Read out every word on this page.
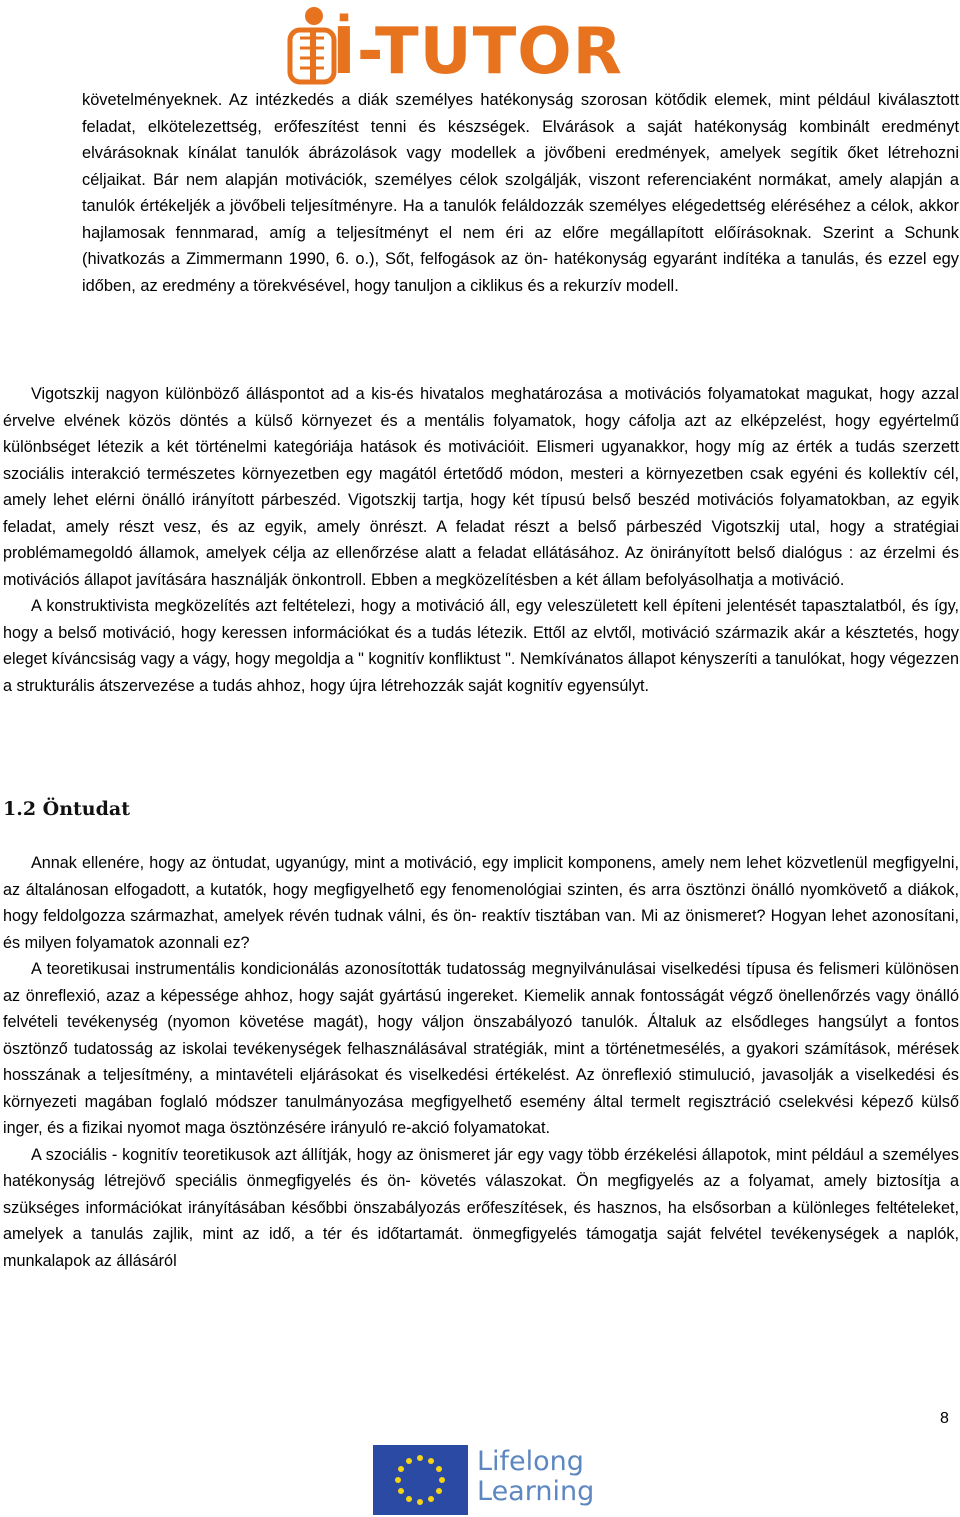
İ-TUTOR

követelményeknek. Az intézkedés a diák személyes hatékonyság szorosan kötődik elemek, mint például kiválasztott feladat, elkötelezettség, erőfeszítést tenni és készségek. Elvárások a saját hatékonyság kombinált eredményt elvárásoknak kínálat tanulók ábrázolások vagy modellek a jövőbeni eredmények, amelyek segítik őket létrehozni céljaikat. Bár nem alapján motivációk, személyes célok szolgálják, viszont referenciaként normákat, amely alapján a tanulók értékeljék a jövőbeli teljesítményre. Ha a tanulók feláldozzák személyes elégedettség eléréséhez a célok, akkor hajlamosak fennmarad, amíg a teljesítményt el nem éri az előre megállapított előírásoknak. Szerint a Schunk (hivatkozás a Zimmermann 1990, 6. o.), Sőt, felfogások az ön- hatékonyság egyaránt indítéka a tanulás, és ezzel egy időben, az eredmény a törekvésével, hogy tanuljon a ciklikus és a rekurzív modell.

Vigotszkij nagyon különböző álláspontot ad a kis-és hivatalos meghatározása a motivációs folyamatokat magukat, hogy azzal érvelve elvének közös döntés a külső környezet és a mentális folyamatok, hogy cáfolja azt az elképzelést, hogy egyértelmű különbséget létezik a két történelmi kategóriája hatások és motivációit. Elismeri ugyanakkor, hogy míg az érték a tudás szerzett szociális interakció természetes környezetben egy magától értetődő módon, mesteri a környezetben csak egyéni és kollektív cél, amely lehet elérni önálló irányított párbeszéd. Vigotszkij tartja, hogy két típusú belső beszéd motivációs folyamatokban, az egyik feladat, amely részt vesz, és az egyik, amely önrészt. A feladat részt a belső párbeszéd Vigotszkij utal, hogy a stratégiai problémamegoldó államok, amelyek célja az ellenőrzése alatt a feladat ellátásához. Az önirányított belső dialógus : az érzelmi és motivációs állapot javítására használják önkontroll. Ebben a megközelítésben a két állam befolyásolhatja a motiváció.

A konstruktivista megközelítés azt feltételezi, hogy a motiváció áll, egy veleszületett kell építeni jelentését tapasztalatból, és így, hogy a belső motiváció, hogy keressen információkat és a tudás létezik. Ettől az elvtől, motiváció származik akár a késztetés, hogy eleget kíváncsiság vagy a vágy, hogy megoldja a " kognitív konfliktust ". Nemkívánatos állapot kényszeríti a tanulókat, hogy végezzen a strukturális átszervezése a tudás ahhoz, hogy újra létrehozzák saját kognitív egyensúlyt.

1.2 Öntudat

Annak ellenére, hogy az öntudat, ugyanúgy, mint a motiváció, egy implicit komponens, amely nem lehet közvetlenül megfigyelni, az általánosan elfogadott, a kutatók, hogy megfigyelhető egy fenomenológiai szinten, és arra ösztönzi önálló nyomkövető a diákok, hogy feldolgozza származhat, amelyek révén tudnak válni, és ön- reaktív tisztában van. Mi az önismeret? Hogyan lehet azonosítani, és milyen folyamatok azonnali ez?

A teoretikusai instrumentális kondicionálás azonosították tudatosság megnyilvánulásai viselkedési típusa és felismeri különösen az önreflexió, azaz a képessége ahhoz, hogy saját gyártású ingereket. Kiemelik annak fontosságát végző önellenőrzés vagy önálló felvételi tevékenység (nyomon követése magát), hogy váljon önszabályozó tanulók. Általuk az elsődleges hangsúlyt a fontos ösztönző tudatosság az iskolai tevékenységek felhasználásával stratégiák, mint a történetmesélés, a gyakori számítások, mérések hosszának a teljesítmény, a mintavételi eljárásokat és viselkedési értékelést. Az önreflexió stimulució, javasolják a viselkedési és környezeti magában foglaló módszer tanulmányozása megfigyelhető esemény által termelt regisztráció cselekvési képező külső inger, és a fizikai nyomot maga ösztönzésére irányuló re-akció folyamatokat.

A szociális - kognitív teoretikusok azt állítják, hogy az önismeret jár egy vagy több érzékelési állapotok, mint például a személyes hatékonyság létrejövő speciális önmegfigyelés és ön- követés válaszokat. Ön megfigyelés az a folyamat, amely biztosítja a szükséges információkat irányításában későbbi önszabályozás erőfeszítések, és hasznos, ha elsősorban a különleges feltételeket, amelyek a tanulás zajlik, mint az idő, a tér és időtartamát. önmegfigyelés támogatja saját felvétel tevékenységek a naplók, munkalapok az állásáról

8
Lifelong
Learning
